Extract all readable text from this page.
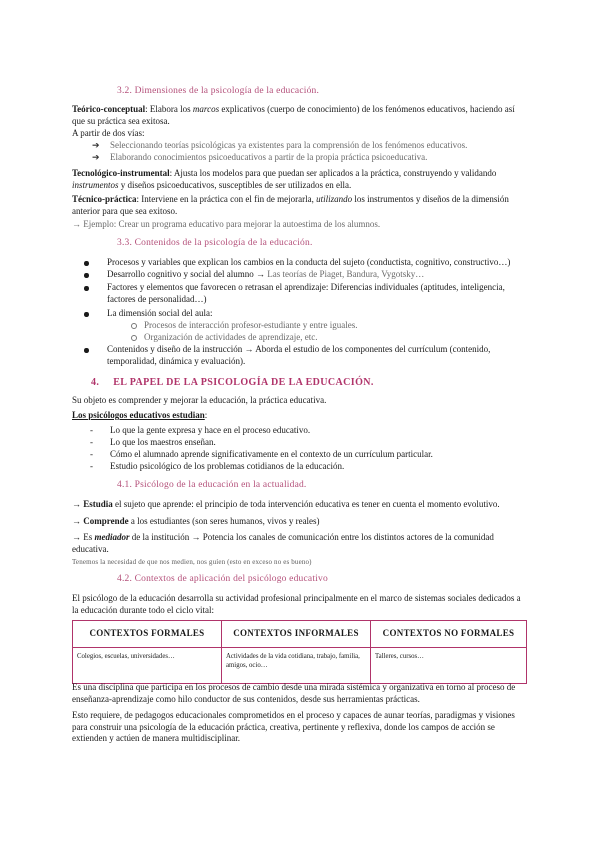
3.2. Dimensiones de la psicología de la educación.
Teórico-conceptual: Elabora los marcos explicativos (cuerpo de conocimiento) de los fenómenos educativos, haciendo así
que su práctica sea exitosa.
A partir de dos vías:
➔ Seleccionando teorías psicológicas ya existentes para la comprensión de los fenómenos educativos.
➔ Elaborando conocimientos psicoeducativos a partir de la propia práctica psicoeducativa.
Tecnológico-instrumental: Ajusta los modelos para que puedan ser aplicados a la práctica, construyendo y validando
instrumentos y diseños psicoeducativos, susceptibles de ser utilizados en ella.
Técnico-práctica: Interviene en la práctica con el fin de mejorarla, utilizando los instrumentos y diseños de la dimensión
anterior para que sea exitoso.
→ Ejemplo: Crear un programa educativo para mejorar la autoestima de los alumnos.
3.3. Contenidos de la psicología de la educación.
Procesos y variables que explican los cambios en la conducta del sujeto (conductista, cognitivo, constructivo…)
Desarrollo cognitivo y social del alumno → Las teorías de Piaget, Bandura, Vygotsky…
Factores y elementos que favorecen o retrasan el aprendizaje: Diferencias individuales (aptitudes, inteligencia,
factores de personalidad…)
La dimensión social del aula:
Procesos de interacción profesor-estudiante y entre iguales.
Organización de actividades de aprendizaje, etc.
Contenidos y diseño de la instrucción → Aborda el estudio de los componentes del currículum (contenido,
temporalidad, dinámica y evaluación).
4. EL PAPEL DE LA PSICOLOGÍA DE LA EDUCACIÓN.
Su objeto es comprender y mejorar la educación, la práctica educativa.
Los psicólogos educativos estudian:
- Lo que la gente expresa y hace en el proceso educativo.
- Lo que los maestros enseñan.
- Cómo el alumnado aprende significativamente en el contexto de un currículum particular.
- Estudio psicológico de los problemas cotidianos de la educación.
4.1. Psicólogo de la educación en la actualidad.
→ Estudia el sujeto que aprende: el principio de toda intervención educativa es tener en cuenta el momento evolutivo.
→ Comprende a los estudiantes (son seres humanos, vivos y reales)
→ Es mediador de la institución → Potencia los canales de comunicación entre los distintos actores de la comunidad
educativa.
Tenemos la necesidad de que nos medien, nos guíen (esto en exceso no es bueno)
4.2. Contextos de aplicación del psicólogo educativo
El psicólogo de la educación desarrolla su actividad profesional principalmente en el marco de sistemas sociales dedicados a
la educación durante todo el ciclo vital:
CONTEXTOS FORMALES	CONTEXTOS INFORMALES	CONTEXTOS NO FORMALES
Colegios, escuelas, universidades…	Actividades de la vida cotidiana, trabajo, familia, amigos, ocio…	Talleres, cursos…
Es una disciplina que participa en los procesos de cambio desde una mirada sistémica y organizativa en torno al proceso de
enseñanza-aprendizaje como hilo conductor de sus contenidos, desde sus herramientas prácticas.
Esto requiere, de pedagogos educacionales comprometidos en el proceso y capaces de aunar teorías, paradigmas y visiones
para construir una psicología de la educación práctica, creativa, pertinente y reflexiva, donde los campos de acción se
extienden y actúen de manera multidisciplinar.
